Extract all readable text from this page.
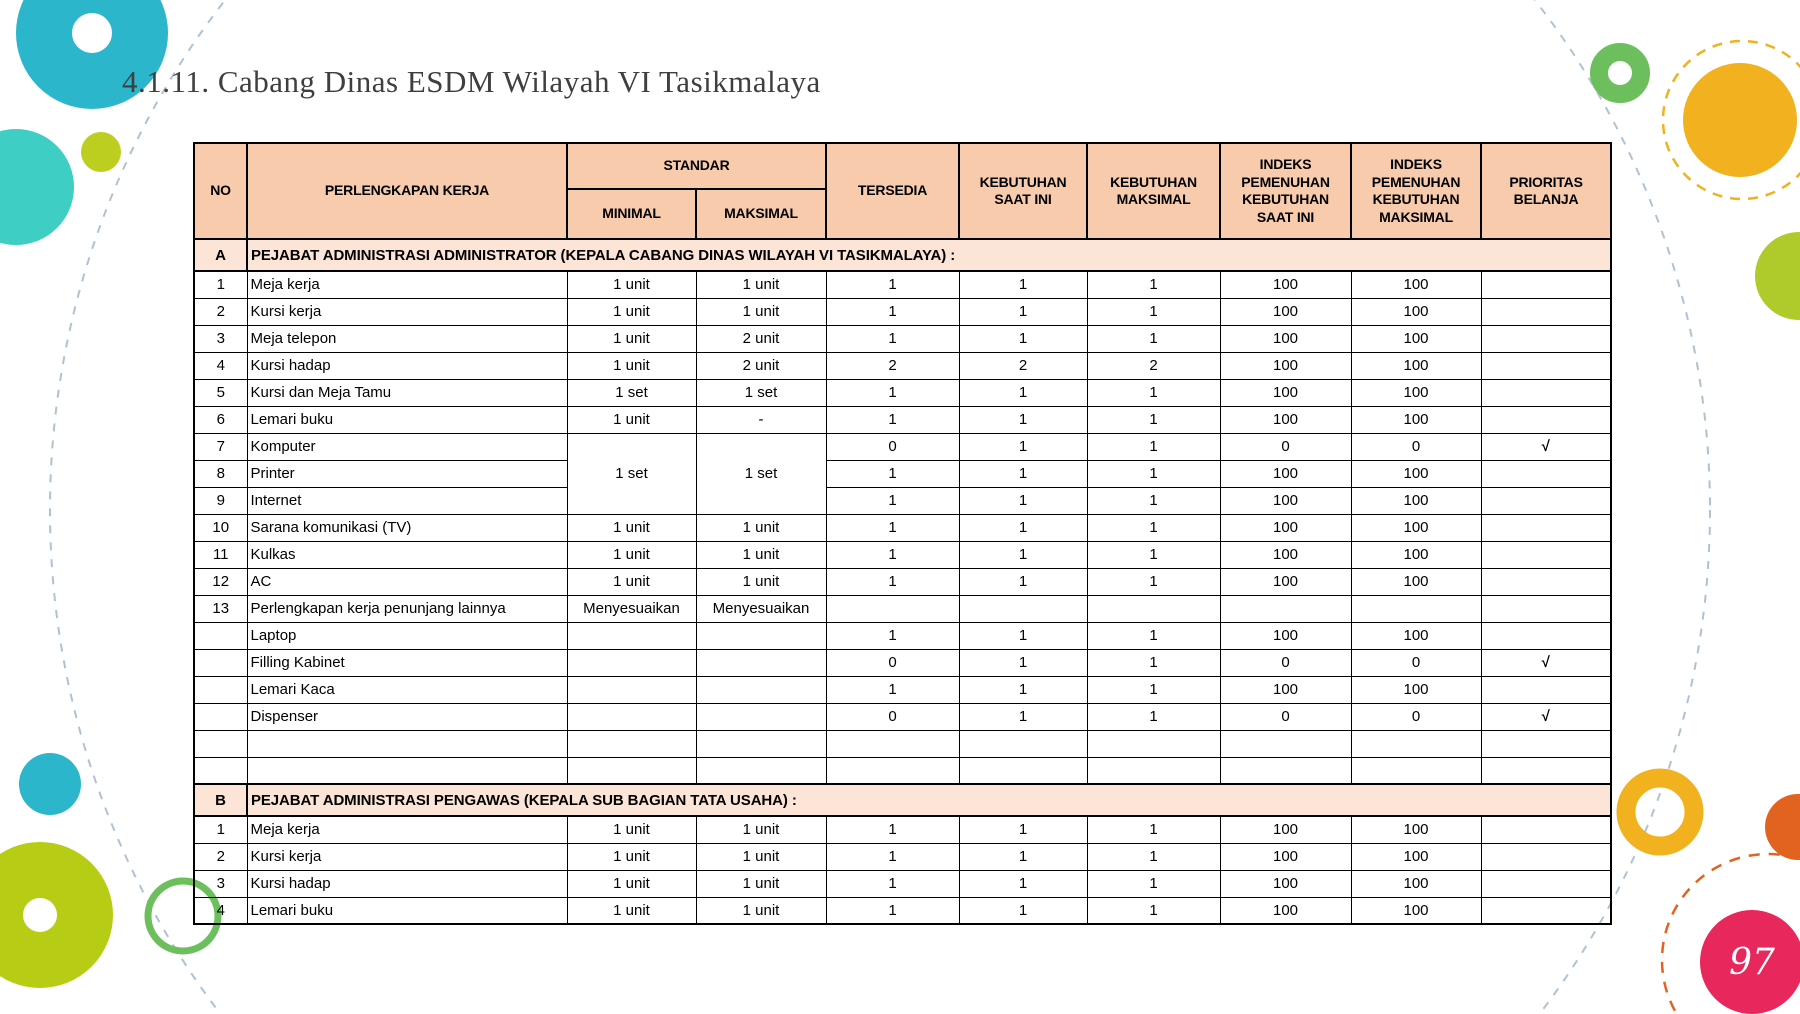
4.1.11. Cabang Dinas ESDM Wilayah VI Tasikmalaya
NO	PERLENGKAPAN KERJA	STANDAR		TERSEDIA	KEBUTUHAN SAAT INI	KEBUTUHAN MAKSIMAL	INDEKS PEMENUHAN KEBUTUHAN SAAT INI	INDEKS PEMENUHAN KEBUTUHAN MAKSIMAL	PRIORITAS BELANJA
		MINIMAL	MAKSIMAL						
A	PEJABAT ADMINISTRASI ADMINISTRATOR (KEPALA CABANG DINAS WILAYAH VI TASIKMALAYA) :								
1	Meja kerja	1 unit	1 unit	1	1	1	100	100	
2	Kursi kerja	1 unit	1 unit	1	1	1	100	100	
3	Meja telepon	1 unit	2 unit	1	1	1	100	100	
4	Kursi hadap	1 unit	2 unit	2	2	2	100	100	
5	Kursi dan Meja Tamu	1 set	1 set	1	1	1	100	100	
6	Lemari buku	1 unit	-	1	1	1	100	100	
7	Komputer	1 set	1 set	0	1	1	0	0	√
8	Printer			1	1	1	100	100	
9	Internet			1	1	1	100	100	
10	Sarana komunikasi (TV)	1 unit	1 unit	1	1	1	100	100	
11	Kulkas	1 unit	1 unit	1	1	1	100	100	
12	AC	1 unit	1 unit	1	1	1	100	100	
13	Perlengkapan kerja penunjang lainnya	Menyesuaikan	Menyesuaikan						
	Laptop			1	1	1	100	100	
	Filling Kabinet			0	1	1	0	0	√
	Lemari Kaca			1	1	1	100	100	
	Dispenser			0	1	1	0	0	√

B	PEJABAT ADMINISTRASI PENGAWAS (KEPALA SUB BAGIAN TATA USAHA) :								
1	Meja kerja	1 unit	1 unit	1	1	1	100	100	
2	Kursi kerja	1 unit	1 unit	1	1	1	100	100	
3	Kursi hadap	1 unit	1 unit	1	1	1	100	100	
4	Lemari buku	1 unit	1 unit	1	1	1	100	100	
97
